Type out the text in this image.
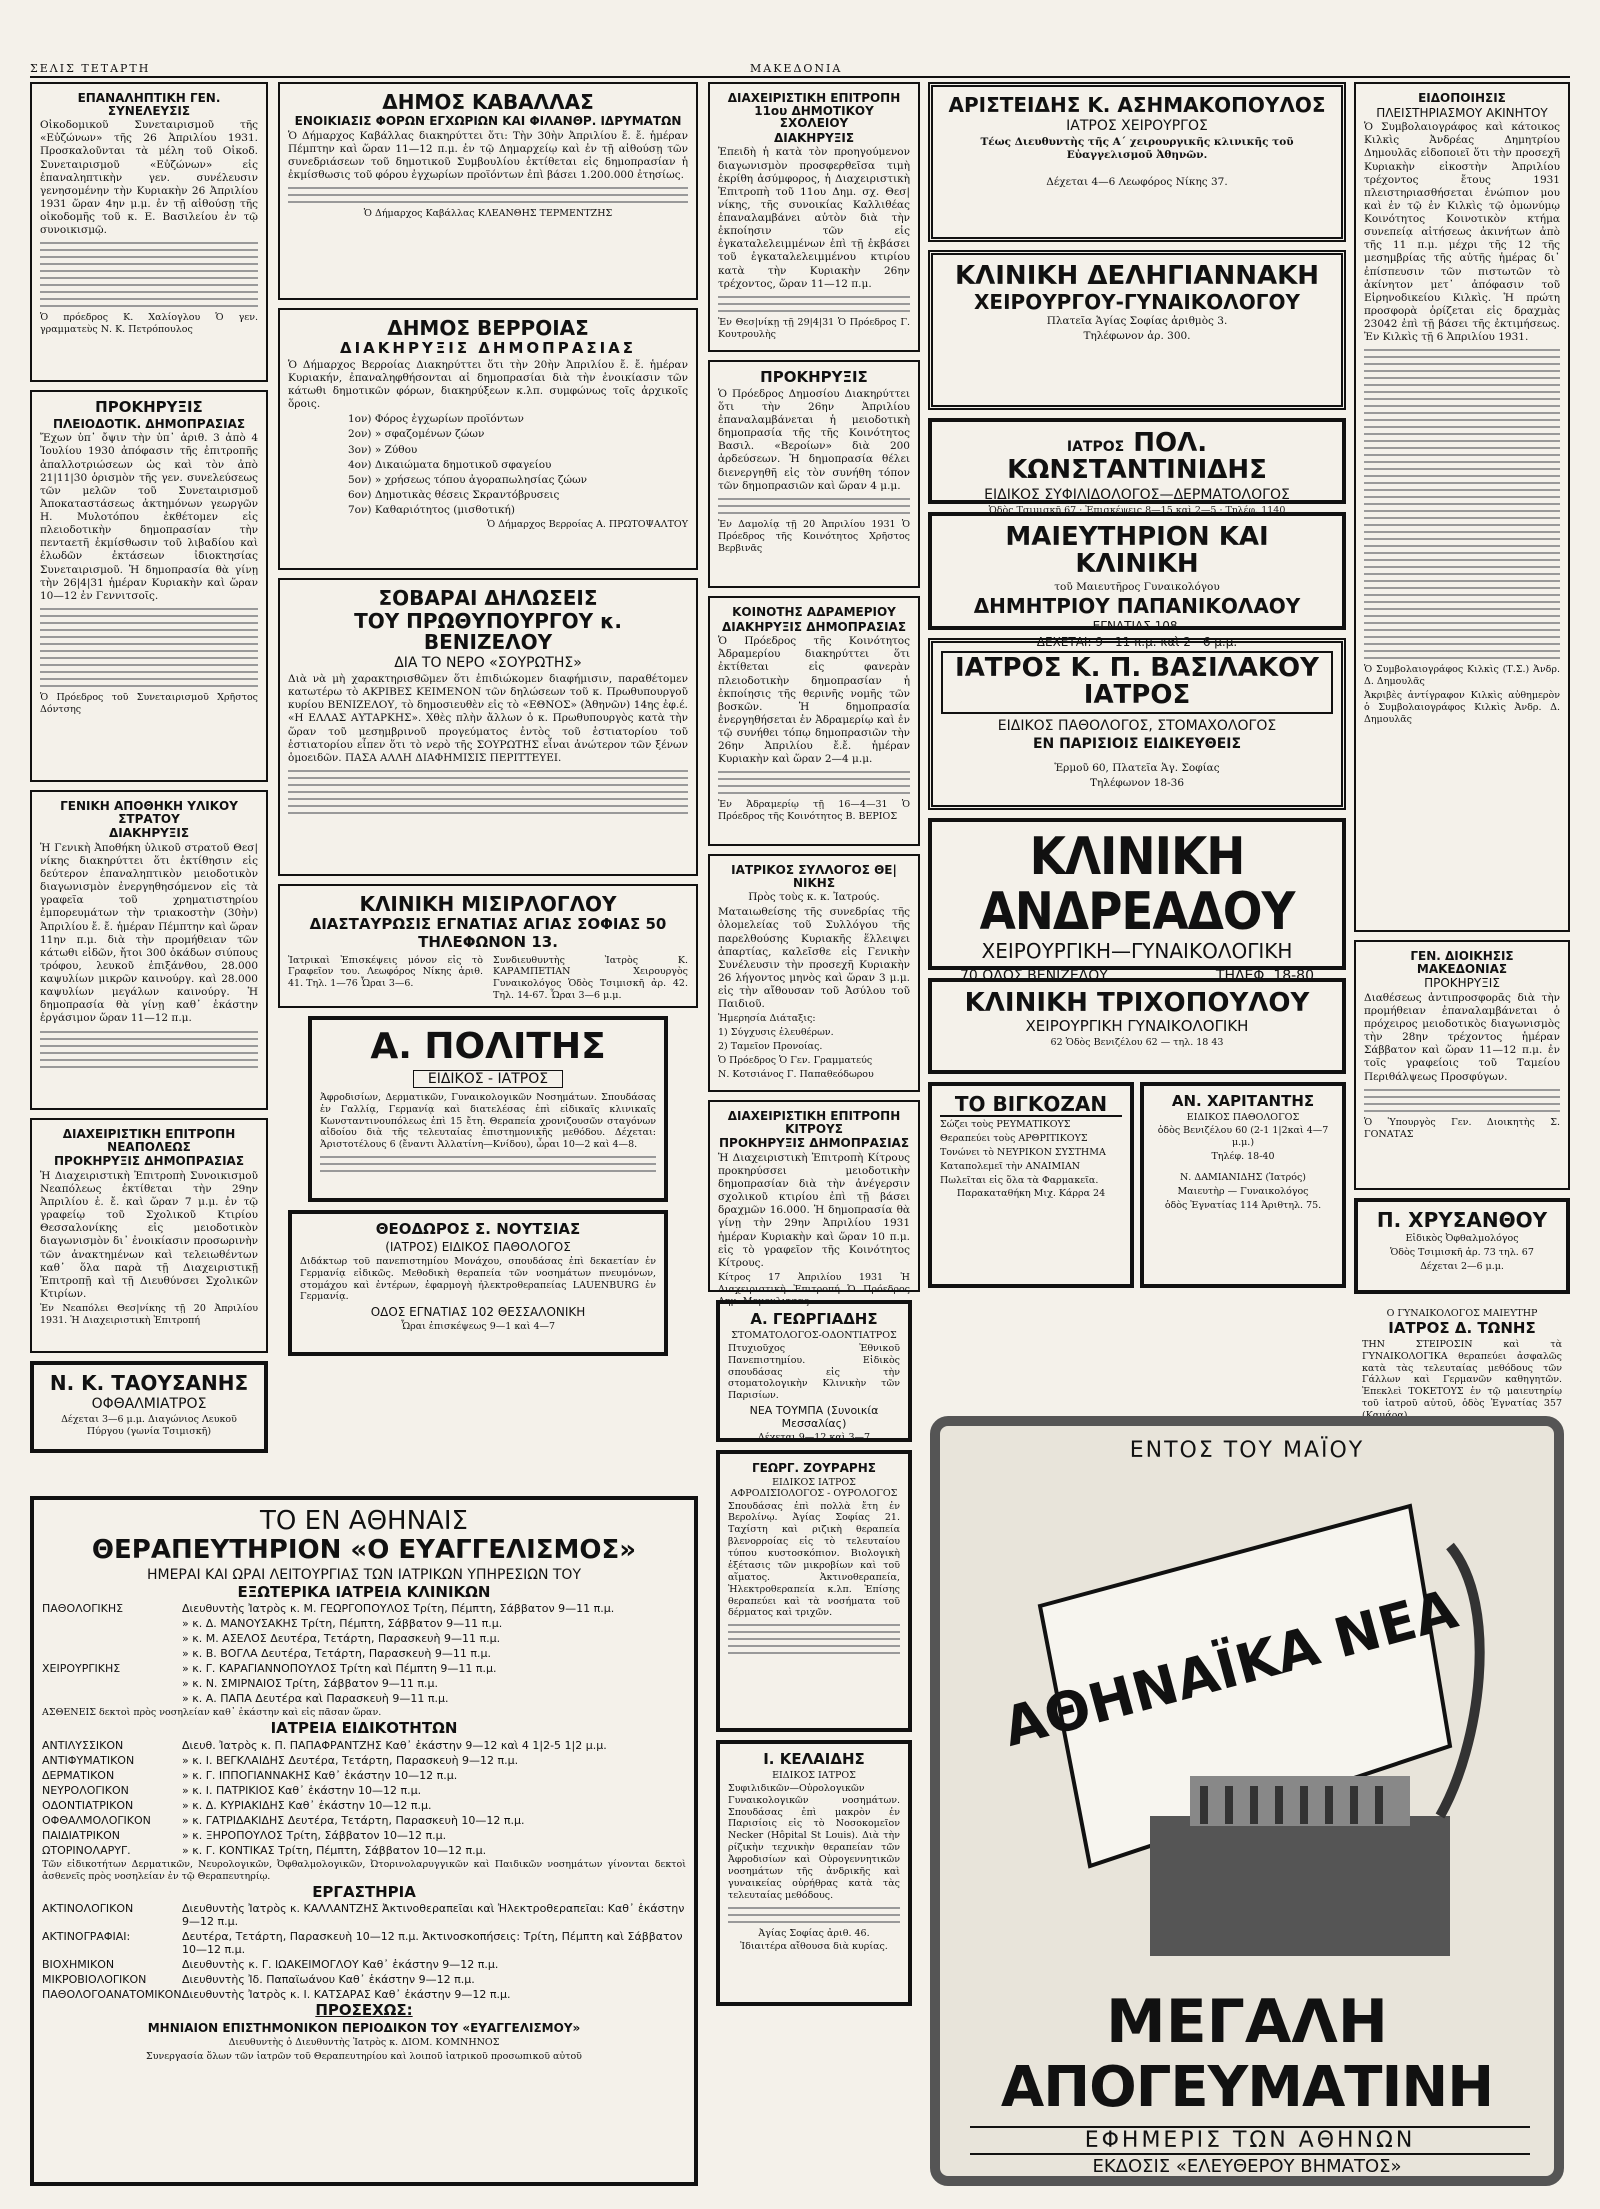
ΣΕΛΙΣ ΤΕΤΑΡΤΗ	ΜΑΚΕΔΟΝΙΑ
ΕΠΑΝΑΛΗΠΤΙΚΗ ΓΕΝ. ΣΥΝΕΛΕΥΣΙΣ

Οἰκοδομικοῦ Συνεταιρισμοῦ τῆς «Εὐζώνων» τῆς 26 Ἀπριλίου 1931. Προσκαλοῦνται τὰ μέλη τοῦ Οἰκοδ. Συνεταιρισμοῦ «Εὐζώνων» εἰς ἐπαναληπτικὴν γεν. συνέλευσιν γενησομένην τὴν Κυριακὴν 26 Ἀπριλίου 1931 ὥραν 4ην μ.μ. ἐν τῇ αἰθούσῃ τῆς οἰκοδομῆς τοῦ κ. Ε. Βασιλείου ἐν τῷ συνοικισμῷ.

Ὁ πρόεδρος Κ. Χαλίογλου Ὁ γεν. γραμματεὺς Ν. Κ. Πετρόπουλος

ΠΡΟΚΗΡΥΞΙΣ
ΠΛΕΙΟΔΟΤΙΚ. ΔΗΜΟΠΡΑΣΙΑΣ

Ἔχων ὑπ᾽ ὄψιν τὴν ὑπ᾽ ἀριθ. 3 ἀπὸ 4 Ἰουλίου 1930 ἀπόφασιν τῆς ἐπιτροπῆς ἀπαλλοτριώσεων ὡς καὶ τὸν ἀπὸ 21|11|30 ὁρισμὸν τῆς γεν. συνελεύσεως τῶν μελῶν τοῦ Συνεταιρισμοῦ Ἀποκαταστάσεως ἀκτημόνων γεωργῶν Η. Μυλοτόπου ἐκθέτομεν εἰς πλειοδοτικὴν δημοπρασίαν τὴν πενταετῆ ἐκμίσθωσιν τοῦ λιβαδίου καὶ ἐλωδῶν ἐκτάσεων ἰδιοκτησίας Συνεταιρισμοῦ. Ἡ δημοπρασία θὰ γίνῃ τὴν 26|4|31 ἡμέραν Κυριακὴν καὶ ὥραν 10—12 ἐν Γεννιτσοῖς.

Ὁ Πρόεδρος τοῦ Συνεταιρισμοῦ Χρῆστος Δόντσης

ΓΕΝΙΚΗ ΑΠΟΘΗΚΗ ΥΛΙΚΟΥ ΣΤΡΑΤΟΥ
ΔΙΑΚΗΡΥΞΙΣ

Ἡ Γενικὴ Ἀποθήκη ὑλικοῦ στρατοῦ Θεσ|νίκης διακηρύττει ὅτι ἐκτίθησιν εἰς δεύτερον ἐπαναληπτικὸν μειοδοτικὸν διαγωνισμὸν ἐνεργηθησόμενον εἰς τὰ γραφεῖα τοῦ χρηματιστηρίου ἐμπορευμάτων τὴν τριακοστὴν (30ὴν) Ἀπριλίου ἔ. ἔ. ἡμέραν Πέμπτην καὶ ὥραν 11ην π.μ. διὰ τὴν προμήθειαν τῶν κάτωθι εἰδῶν, ἤτοι 300 ὀκάδων σιύπους τρόφου, λευκοῦ ἐπιξάνθου, 28.000 καψυλίων μικρῶν καινούργ. καὶ 28.000 καψυλίων μεγάλων καινούργ. Ἡ δημοπρασία θὰ γίνῃ καθ᾽ ἑκάστην ἐργάσιμον ὥραν 11—12 π.μ.

ΔΙΑΧΕΙΡΙΣΤΙΚΗ ΕΠΙΤΡΟΠΗ ΝΕΑΠΟΛΕΩΣ
ΠΡΟΚΗΡΥΞΙΣ ΔΗΜΟΠΡΑΣΙΑΣ

Ἡ Διαχειριστικὴ Ἐπιτροπὴ Συνοικισμοῦ Νεαπόλεως ἐκτίθεται τὴν 29ην Ἀπριλίου ἐ. ἔ. καὶ ὥραν 7 μ.μ. ἐν τῷ γραφείῳ τοῦ Σχολικοῦ Κτιρίου Θεσσαλονίκης εἰς μειοδοτικὸν διαγωνισμὸν δι᾽ ἐνοικίασιν προσωρινὴν τῶν ἀνακτημένων καὶ τελειωθέντων καθ᾽ ὅλα παρὰ τῇ Διαχειριστικῇ Ἐπιτροπῇ καὶ τῇ Διευθύνσει Σχολικῶν Κτιρίων.

Ἐν Νεαπόλει Θεσ|νίκης τῇ 20 Ἀπριλίου 1931. Ἡ Διαχειριστικὴ Ἐπιτροπή

Ν. Κ. ΤΑΟΥΣΑΝΗΣ
ΟΦΘΑΛΜΙΑΤΡΟΣ

Δέχεται 3—6 μ.μ. Διαγώνιος Λευκοῦ Πύργου (γωνία Τσιμισκῆ)

ΔΗΜΟΣ ΚΑΒΑΛΛΑΣ
ΕΝΟΙΚΙΑΣΙΣ ΦΟΡΩΝ ΕΓΧΩΡΙΩΝ ΚΑΙ ΦΙΛΑΝΘΡ. ΙΔΡΥΜΑΤΩΝ

Ὁ Δήμαρχος Καβάλλας διακηρύττει ὅτι: Τὴν 30ὴν Ἀπριλίου ἔ. ἔ. ἡμέραν Πέμπτην καὶ ὥραν 11—12 π.μ. ἐν τῷ Δημαρχείῳ καὶ ἐν τῇ αἰθούσῃ τῶν συνεδριάσεων τοῦ δημοτικοῦ Συμβουλίου ἐκτίθεται εἰς δημοπρασίαν ἡ ἐκμίσθωσις τοῦ φόρου ἐγχωρίων προϊόντων ἐπὶ βάσει 1.200.000 ἐτησίως.

Ὁ Δήμαρχος Καβάλλας ΚΛΕΑΝΘΗΣ ΤΕΡΜΕΝΤΖΗΣ

ΔΗΜΟΣ ΒΕΡΡΟΙΑΣ
ΔΙΑΚΗΡΥΞΙΣ ΔΗΜΟΠΡΑΣΙΑΣ

Ὁ Δήμαρχος Βερροίας Διακηρύττει ὅτι τὴν 20ὴν Ἀπριλίου ἔ. ἔ. ἡμέραν Κυριακήν, ἐπαναληφθήσονται αἱ δημοπρασίαι διὰ τὴν ἐνοικίασιν τῶν κάτωθι δημοτικῶν φόρων, διακηρύξεων κ.λπ. συμφώνως τοῖς ἀρχικοῖς ὅροις.

1ον) Φόρος ἐγχωρίων προϊόντων

2ον) » σφαζομένων ζώων

3ον) » Ζύθου

4ον) Δικαιώματα δημοτικοῦ σφαγείου

5ον) » χρήσεως τόπου ἀγοραπωλησίας ζώων

6ον) Δημοτικὰς θέσεις Σκραντόβρυσεις

7ον) Καθαριότητος (μισθοτική)

Ὁ Δήμαρχος Βερροίας Α. ΠΡΩΤΟΨΑΛΤΟΥ

ΣΟΒΑΡΑΙ ΔΗΛΩΣΕΙΣ
ΤΟΥ ΠΡΩΘΥΠΟΥΡΓΟΥ κ. ΒΕΝΙΖΕΛΟΥ
ΔΙΑ ΤΟ ΝΕΡΟ «ΣΟΥΡΩΤΗΣ»

Διὰ νὰ μὴ χαρακτηρισθῶμεν ὅτι ἐπιδιώκομεν διαφήμισιν, παραθέτομεν κατωτέρω τὸ ΑΚΡΙΒΕΣ ΚΕΙΜΕΝΟΝ τῶν δηλώσεων τοῦ κ. Πρωθυπουργοῦ κυρίου ΒΕΝΙΖΕΛΟΥ, τὸ δημοσιευθὲν εἰς τὸ «ΕΘΝΟΣ» (Ἀθηνῶν) 14ης ἐφ.έ. «Η ΕΛΛΑΣ ΑΥΤΑΡΚΗΣ». Χθὲς πλὴν ἄλλων ὁ κ. Πρωθυπουργὸς κατὰ τὴν ὥραν τοῦ μεσημβρινοῦ προγεύματος ἐντὸς τοῦ ἑστιατορίου τοῦ ἑστιατορίου εἶπεν ὅτι τὸ νερὸ τῆς ΣΟΥΡΩΤΗΣ εἶναι ἀνώτερον τῶν ξένων ὁμοειδῶν. ΠΑΣΑ ΑΛΛΗ ΔΙΑΦΗΜΙΣΙΣ ΠΕΡΙΤΤΕΥΕΙ.

ΚΛΙΝΙΚΗ ΜΙΣΙΡΛΟΓΛΟΥ
ΔΙΑΣΤΑΥΡΩΣΙΣ ΕΓΝΑΤΙΑΣ ΑΓΙΑΣ ΣΟΦΙΑΣ 50
ΤΗΛΕΦΩΝΟΝ 13.

Ἰατρικαὶ Ἐπισκέψεις μόνον εἰς τὸ Γραφεῖον του. Λεωφόρος Νίκης ἀριθ. 41. Τηλ. 1—76 Ὧραι 3—6.

Συνδιευθυντὴς Ἰατρὸς Κ. ΚΑΡΑΜΠΕΤΙΑΝ Χειρουργὸς Γυναικολόγος Ὁδὸς Τσιμισκῆ ἀρ. 42. Τηλ. 14-67. Ὧραι 3—6 μ.μ.

Α. ΠΟΛΙΤΗΣ
ΕΙΔΙΚΟΣ - ΙΑΤΡΟΣ

Ἀφροδισίων, Δερματικῶν, Γυναικολογικῶν Νοσημάτων. Σπουδάσας ἐν Γαλλίᾳ, Γερμανίᾳ καὶ διατελέσας ἐπὶ εἰδικαῖς κλινικαῖς Κωνσταντινουπόλεως ἐπὶ 15 ἔτη. Θεραπεία χρονιζουσῶν σταγόνων αἰδοίου διὰ τῆς τελευταίας ἐπιστημονικῆς μεθόδου. Δέχεται: Ἀριστοτέλους 6 (ἔναντι Ἀλλατίνη—Κνίδου), ὧραι 10—2 καὶ 4—8.

ΘΕΟΔΩΡΟΣ Σ. ΝΟΥΤΣΙΑΣ
(ΙΑΤΡΟΣ) ΕΙΔΙΚΟΣ ΠΑΘΟΛΟΓΟΣ

Διδάκτωρ τοῦ πανεπιστημίου Μονάχου, σπουδάσας ἐπὶ δεκαετίαν ἐν Γερμανίᾳ εἰδικῶς. Μεθοδικὴ θεραπεία τῶν νοσημάτων πνευμόνων, στομάχου καὶ ἐντέρων, ἐφαρμογὴ ἠλεκτροθεραπείας LAUENBURG ἐν Γερμανίᾳ.

ΟΔΟΣ ΕΓΝΑΤΙΑΣ 102 ΘΕΣΣΑΛΟΝΙΚΗ

Ὧραι ἐπισκέψεως 9—1 καὶ 4—7

ΔΙΑΧΕΙΡΙΣΤΙΚΗ ΕΠΙΤΡΟΠΗ 11ου ΔΗΜΟΤΙΚΟΥ ΣΧΟΛΕΙΟΥ
ΔΙΑΚΗΡΥΞΙΣ

Ἐπειδὴ ἡ κατὰ τὸν προηγούμενον διαγωνισμὸν προσφερθεῖσα τιμὴ ἐκρίθη ἀσύμφορος, ἡ Διαχειριστικὴ Ἐπιτροπὴ τοῦ 11ου Δημ. σχ. Θεσ|νίκης, τῆς συνοικίας Καλλιθέας ἐπαναλαμβάνει αὐτὸν διὰ τὴν ἐκποίησιν τῶν εἰς ἐγκαταλελειμμένων ἐπὶ τῇ ἐκβάσει τοῦ ἐγκαταλελειμμένου κτιρίου κατὰ τὴν Κυριακὴν 26ην τρέχοντος, ὥραν 11—12 π.μ.

Ἐν Θεσ|νίκῃ τῇ 29|4|31 Ὁ Πρόεδρος Γ. Κουτρουλὴς

ΠΡΟΚΗΡΥΞΙΣ

Ὁ Πρόεδρος Δημοσίου Διακηρύττει ὅτι τὴν 26ην Ἀπριλίου ἐπαναλαμβάνεται ἡ μειοδοτικὴ δημοπρασία τῆς τῆς Κοινότητος Βασιλ. «Βεροίων» διὰ 200 ἀρδεύσεων. Ἡ δημοπρασία θέλει διενεργηθῆ εἰς τὸν συνήθη τόπον τῶν δημοπρασιῶν καὶ ὥραν 4 μ.μ.

Ἐν Δαμολίᾳ τῇ 20 Ἀπριλίου 1931 Ὁ Πρόεδρος τῆς Κοινότητος Χρῆστος Βερβινᾶς

ΚΟΙΝΟΤΗΣ ΑΔΡΑΜΕΡΙΟΥ
ΔΙΑΚΗΡΥΞΙΣ ΔΗΜΟΠΡΑΣΙΑΣ

Ὁ Πρόεδρος τῆς Κοινότητος Ἀδραμερίου διακηρύττει ὅτι ἐκτίθεται εἰς φανερὰν πλειοδοτικὴν δημοπρασίαν ἡ ἐκποίησις τῆς θερινῆς νομῆς τῶν βοσκῶν. Ἡ δημοπρασία ἐνεργηθήσεται ἐν Ἀδραμερίῳ καὶ ἐν τῷ συνήθει τόπῳ δημοπρασιῶν τὴν 26ην Ἀπριλίου ἔ.ἔ. ἡμέραν Κυριακὴν καὶ ὥραν 2—4 μ.μ.

Ἐν Ἀδραμερίῳ τῇ 16—4—31 Ὁ Πρόεδρος τῆς Κοινότητος Β. ΒΕΡΙΟΣ

ΙΑΤΡΙΚΟΣ ΣΥΛΛΟΓΟΣ ΘΕ|ΝΙΚΗΣ

Πρὸς τοὺς κ. κ. Ἰατρούς.

Ματαιωθείσης τῆς συνεδρίας τῆς ὁλομελείας τοῦ Συλλόγου τῆς παρελθούσης Κυριακῆς ἕλλειψει ἀπαρτίας, καλεῖσθε εἰς Γενικὴν Συνέλευσιν τὴν προσεχῆ Κυριακὴν 26 λήγοντος μηνὸς καὶ ὥραν 3 μ.μ. εἰς τὴν αἴθουσαν τοῦ Ἀσύλου τοῦ Παιδιοῦ.

Ἡμερησία Διάταξις:

1) Σύγχυσις ἐλευθέρων.

2) Ταμεῖον Προνοίας.

Ὁ Πρόεδρος Ὁ Γεν. Γραμματεύς

Ν. Κοτσιάνος Γ. Παπαθεόδωρου

ΔΙΑΧΕΙΡΙΣΤΙΚΗ ΕΠΙΤΡΟΠΗ ΚΙΤΡΟΥΣ
ΠΡΟΚΗΡΥΞΙΣ ΔΗΜΟΠΡΑΣΙΑΣ

Ἡ Διαχειριστικὴ Ἐπιτροπὴ Κίτρους προκηρύσσει μειοδοτικὴν δημοπρασίαν διὰ τὴν ἀνέγερσιν σχολικοῦ κτιρίου ἐπὶ τῇ βάσει δραχμῶν 16.000. Ἡ δημοπρασία θὰ γίνῃ τὴν 29ην Ἀπριλίου 1931 ἡμέραν Κυριακὴν καὶ ὥραν 10 π.μ. εἰς τὸ γραφεῖον τῆς Κοινότητος Κίτρους.

Κίτρος 17 Ἀπριλίου 1931 Ἡ Διαχειριστικὴ Ἐπιτροπή Ὁ Πρόεδρος Δημ. Μομουλιτσας

Α. ΓΕΩΡΓΙΑΔΗΣ
ΣΤΟΜΑΤΟΛΟΓΟΣ-ΟΔΟΝΤΙΑΤΡΟΣ

Πτυχιοῦχος Ἐθνικοῦ Πανεπιστημίου. Εἰδικὸς σπουδάσας εἰς τὴν στοματολογικὴν Κλινικὴν τῶν Παρισίων.

ΝΕΑ ΤΟΥΜΠΑ (Συνοικία Μεσσαλίας)

Δέχεται 9—12 καὶ 3—7

ΓΕΩΡΓ. ΖΟΥΡΑΡΗΣ
ΕΙΔΙΚΟΣ ΙΑΤΡΟΣ ΑΦΡΟΔΙΣΙΟΛΟΓΟΣ - ΟΥΡΟΛΟΓΟΣ

Σπουδάσας ἐπὶ πολλὰ ἔτη ἐν Βερολίνῳ. Ἀγίας Σοφίας 21. Ταχίστη καὶ ριζικὴ θεραπεία βλενορροίας εἰς τὸ τελευταίου τύπου κυστοσκόπιον. Βιολογικὴ ἐξέτασις τῶν μικροβίων καὶ τοῦ αἵματος. Ἀκτινοθεραπεία, Ἠλεκτροθεραπεία κ.λπ. Ἐπίσης θεραπεύει καὶ τὰ νοσήματα τοῦ δέρματος καὶ τριχῶν.

Ι. ΚΕΛΑΙΔΗΣ
ΕΙΔΙΚΟΣ ΙΑΤΡΟΣ

Συφιλιδικῶν—Οὐρολογικῶν Γυναικολογικῶν νοσημάτων. Σπουδάσας ἐπὶ μακρὸν ἐν Παρισίοις εἰς τὸ Νοσοκομεῖον Necker (Hôpital St Louis). Διὰ τὴν ρίζικὴν τεχνικὴν θεραπείαν τῶν Ἀφροδισίων καὶ Οὐρογεννητικῶν νοσημάτων τῆς ἀνδρικῆς καὶ γυναικείας οὐρήθρας κατὰ τὰς τελευταίας μεθόδους.

Ἀγίας Σοφίας ἀριθ. 46.

Ἰδιαιτέρα αἴθουσα διὰ κυρίας.

ΑΡΙΣΤΕΙΔΗΣ Κ. ΑΣΗΜΑΚΟΠΟΥΛΟΣ
ΙΑΤΡΟΣ ΧΕΙΡΟΥΡΓΟΣ

Τέως Διευθυντὴς τῆς Α΄ χειρουργικῆς κλινικῆς τοῦ Εὐαγγελισμοῦ Ἀθηνῶν.

Δέχεται 4—6 Λεωφόρος Νίκης 37.

ΚΛΙΝΙΚΗ ΔΕΛΗΓΙΑΝΝΑΚΗ
ΧΕΙΡΟΥΡΓΟΥ-ΓΥΝΑΙΚΟΛΟΓΟΥ

Πλατεῖα Ἁγίας Σοφίας ἀριθμὸς 3.

Τηλέφωνον ἀρ. 300.

ΙΑΤΡΟΣ ΠΟΛ. ΚΩΝΣΤΑΝΤΙΝΙΔΗΣ
ΕΙΔΙΚΟΣ ΣΥΦΙΛΙΔΟΛΟΓΟΣ—ΔΕΡΜΑΤΟΛΟΓΟΣ

Ὁδὸς Τσιμισκῆ 67 · Ἐπισκέψεις 8—15 καὶ 2—5 · Τηλέφ. 1140

ΜΑΙΕΥΤΗΡΙΟΝ ΚΑΙ ΚΛΙΝΙΚΗ

τοῦ Μαιευτῆρος Γυναικολόγου

ΔΗΜΗΤΡΙΟΥ ΠΑΠΑΝΙΚΟΛΑΟΥ
ΕΓΝΑΤΙΑΣ 108.
ΔΕΧΕΤΑΙ: 9—11 π.μ. καὶ 2—6 μ.μ.
ΙΑΤΡΟΣ Κ. Π. ΒΑΣΙΛΑΚΟΥ ΙΑΤΡΟΣ
ΕΙΔΙΚΟΣ ΠΑΘΟΛΟΓΟΣ, ΣΤΟΜΑΧΟΛΟΓΟΣ
ΕΝ ΠΑΡΙΣΙΟΙΣ ΕΙΔΙΚΕΥΘΕΙΣ

Ἑρμοῦ 60, Πλατεῖα Ἁγ. Σοφίας

Τηλέφωνον 18-36

ΚΛΙΝΙΚΗ ΑΝΔΡΕΑΔΟΥ
ΧΕΙΡΟΥΡΓΙΚΗ—ΓΥΝΑΙΚΟΛΟΓΙΚΗ
70 ΟΔΟΣ ΒΕΝΙΖΕΛΟΥ	ΤΗΛΕΦ. 18-80
ΚΛΙΝΙΚΗ ΤΡΙΧΟΠΟΥΛΟΥ
ΧΕΙΡΟΥΡΓΙΚΗ ΓΥΝΑΙΚΟΛΟΓΙΚΗ

62 Ὁδὸς Βενιζέλου 62 — τηλ. 18 43

ΤΟ ΒΙΓΚΟΖΑΝ

Σώζει τοὺς ΡΕΥΜΑΤΙΚΟΥΣ

Θεραπεύει τοὺς ΑΡΘΡΙΤΙΚΟΥΣ

Τονώνει τὸ ΝΕΥΡΙΚΟΝ ΣΥΣΤΗΜΑ

Καταπολεμεῖ τὴν ΑΝΑΙΜΙΑΝ

Πωλεῖται εἰς ὅλα τὰ Φαρμακεῖα.

Παρακαταθήκη Μιχ. Κάρρα 24

ΑΝ. ΧΑΡΙΤΑΝΤΗΣ
ΕΙΔΙΚΟΣ ΠΑΘΟΛΟΓΟΣ

ὁδὸς Βενιζέλου 60 (2-1 1|2καὶ 4—7 μ.μ.)

Τηλέφ. 18-40

Ν. ΔΑΜΙΑΝΙΔΗΣ (Ἰατρός)

Μαιευτὴρ — Γυναικολόγος

ὁδὸς Ἐγνατίας 114 Ἀριθτηλ. 75.

ΕΙΔΟΠΟΙΗΣΙΣ
ΠΛΕΙΣΤΗΡΙΑΣΜΟΥ ΑΚΙΝΗΤΟΥ

Ὁ Συμβολαιογράφος καὶ κάτοικος Κιλκὶς Ἀνδρέας Δημητρίου Δημουλᾶς εἰδοποιεῖ ὅτι τὴν προσεχῆ Κυριακὴν εἰκοστὴν Ἀπριλίου τρέχοντος ἔτους 1931 πλειστηριασθήσεται ἐνώπιον μου καὶ ἐν τῷ ἐν Κιλκὶς τῷ ὁμωνύμῳ Κοινότητος Κοινοτικὸν κτήμα συνεπείᾳ αἰτήσεως ἀκινήτων ἀπὸ τῆς 11 π.μ. μέχρι τῆς 12 τῆς μεσημβρίας τῆς αὐτῆς ἡμέρας δι᾽ ἐπίσπευσιν τῶν πιστωτῶν τὸ ἀκίνητον μετ᾽ ἀπόφασιν τοῦ Εἰρηνοδικείου Κιλκὶς. Ἡ πρώτη προσφορὰ ὁρίζεται εἰς δραχμὰς 23042 ἐπὶ τῇ βάσει τῆς ἐκτιμήσεως. Ἐν Κιλκὶς τῇ 6 Ἀπριλίου 1931.

Ὁ Συμβολαιογράφος Κιλκὶς (Τ.Σ.) Ἀνδρ. Δ. Δημουλᾶς

Ἀκριβὲς ἀντίγραφον Κιλκὶς αὐθημερὸν ὁ Συμβολαιογράφος Κιλκὶς Ἀνδρ. Δ. Δημουλᾶς

ΓΕΝ. ΔΙΟΙΚΗΣΙΣ ΜΑΚΕΔΟΝΙΑΣ
ΠΡΟΚΗΡΥΞΙΣ

Διαθέσεως ἀντιπροσφορᾶς διὰ τὴν προμήθειαν ἐπαναλαμβάνεται ὁ πρόχειρος μειοδοτικὸς διαγωνισμὸς τὴν 28ην τρέχοντος ἡμέραν Σάββατον καὶ ὥραν 11—12 π.μ. ἐν τοῖς γραφείοις τοῦ Ταμείου Περιθάλψεως Προσφύγων.

Ὁ Ὑπουργὸς Γεν. Διοικητὴς Σ. ΓΟΝΑΤΑΣ

Π. ΧΡΥΣΑΝΘΟΥ

Εἰδικὸς Ὀφθαλμολόγος

Ὁδὸς Τσιμισκῆ ἀρ. 73 τηλ. 67

Δέχεται 2—6 μ.μ.

Ο ΓΥΝΑΙΚΟΛΟΓΟΣ ΜΑΙΕΥΤΗΡ
ΙΑΤΡΟΣ Δ. ΤΩΝΗΣ

ΤΗΝ ΣΤΕΙΡΟΣΙΝ καὶ τὰ ΓΥΝΑΙΚΟΛΟΓΙΚΑ θεραπεύει ἀσφαλῶς κατὰ τὰς τελευταίας μεθόδους τῶν Γάλλων καὶ Γερμανῶν καθηγητῶν. Ἐπεκλεὶ ΤΟΚΕΤΟΥΣ ἐν τῷ μαιευτηρίῳ τοῦ ἰατροῦ αὐτοῦ, ὁδὸς Ἐγνατίας 357

ΤΟ ΕΝ ΑΘΗΝΑΙΣ
ΘΕΡΑΠΕΥΤΗΡΙΟΝ «Ο ΕΥΑΓΓΕΛΙΣΜΟΣ»
ΗΜΕΡΑΙ ΚΑΙ ΩΡΑΙ ΛΕΙΤΟΥΡΓΙΑΣ ΤΩΝ ΙΑΤΡΙΚΩΝ ΥΠΗΡΕΣΙΩΝ ΤΟΥ
ΕΞΩΤΕΡΙΚΑ ΙΑΤΡΕΙΑ ΚΛΙΝΙΚΩΝ
ΠΑΘΟΛΟΓΙΚΗΣ	Διευθυντὴς Ἰατρὸς κ. Μ. ΓΕΩΡΓΟΠΟΥΛΟΣ Τρίτη, Πέμπτη, Σάββατον 9—11 π.μ.
» κ. Δ. ΜΑΝΟΥΣΑΚΗΣ Τρίτη, Πέμπτη, Σάββατον 9—11 π.μ.
» κ. Μ. ΑΣΕΛΟΣ Δευτέρα, Τετάρτη, Παρασκευὴ 9—11 π.μ.
» κ. Β. ΒΟΓΛΑ Δευτέρα, Τετάρτη, Παρασκευὴ 9—11 π.μ.
ΧΕΙΡΟΥΡΓΙΚΗΣ	» κ. Γ. ΚΑΡΑΓΙΑΝΝΟΠΟΥΛΟΣ Τρίτη καὶ Πέμπτη 9—11 π.μ.
» κ. Ν. ΣΜΙΡΝΑΙΟΣ Τρίτη, Σάββατον 9—11 π.μ.
» κ. Α. ΠΑΠΑ Δευτέρα καὶ Παρασκευὴ 9—11 π.μ.

ΑΣΘΕΝΕΙΣ δεκτοὶ πρὸς νοσηλείαν καθ᾽ ἑκάστην καὶ εἰς πᾶσαν ὥραν.

ΙΑΤΡΕΙΑ ΕΙΔΙΚΟΤΗΤΩΝ
ΑΝΤΙΛΥΣΣΙΚΟΝ	Διευθ. Ἰατρὸς κ. Π. ΠΑΠΑΦΡΑΝΤΖΗΣ Καθ᾽ ἑκάστην 9—12 καὶ 4 1|2-5 1|2 μ.μ.
ΑΝΤΙΦΥΜΑΤΙΚΟΝ	» κ. Ι. ΒΕΓΚΛΑΙΔΗΣ Δευτέρα, Τετάρτη, Παρασκευὴ 9—12 π.μ.
ΔΕΡΜΑΤΙΚΟΝ	» κ. Γ. ΙΠΠΟΓΙΑΝΝΑΚΗΣ Καθ᾽ ἑκάστην 10—12 π.μ.
ΝΕΥΡΟΛΟΓΙΚΟΝ	» κ. Ι. ΠΑΤΡΙΚΙΟΣ Καθ᾽ ἑκάστην 10—12 π.μ.
ΟΔΟΝΤΙΑΤΡΙΚΟΝ	» κ. Δ. ΚΥΡΙΑΚΙΔΗΣ Καθ᾽ ἑκάστην 10—12 π.μ.
ΟΦΘΑΛΜΟΛΟΓΙΚΟΝ	» κ. ΓΑΤΡΙΔΑΚΙΔΗΣ Δευτέρα, Τετάρτη, Παρασκευὴ 10—12 π.μ.
ΠΑΙΔΙΑΤΡΙΚΟΝ	» κ. ΞΗΡΟΠΟΥΛΟΣ Τρίτη, Σάββατον 10—12 π.μ.
ΩΤΟΡΙΝΟΛΑΡΥΓ.	» κ. Γ. ΚΟΝΤΙΚΑΣ Τρίτη, Πέμπτη, Σάββατον 10—12 π.μ.

Τῶν εἰδικοτήτων Δερματικῶν, Νευρολογικῶν, Ὀφθαλμολογικῶν, Ὠτορινολαρυγγικῶν καὶ Παιδικῶν νοσημάτων γίνονται δεκτοὶ ἀσθενεῖς πρὸς νοσηλείαν ἐν τῷ Θεραπευτηρίῳ.

ΕΡΓΑΣΤΗΡΙΑ
ΑΚΤΙΝΟΛΟΓΙΚΟΝ	Διευθυντὴς Ἰατρὸς κ. ΚΑΛΛΑΝΤΖΗΣ Ἀκτινοθεραπεῖαι καὶ Ἠλεκτροθεραπεῖαι: Καθ᾽ ἑκάστην 9—12 π.μ.
ΑΚΤΙΝΟΓΡΑΦΙΑΙ:	Δευτέρα, Τετάρτη, Παρασκευὴ 10—12 π.μ. Ἀκτινοσκοπήσεις: Τρίτη, Πέμπτη καὶ Σάββατον 10—12 π.μ.
ΒΙΟΧΗΜΙΚΟΝ	Διευθυντὴς κ. Γ. ΙΩΑΚΕΙΜΟΓΛΟΥ Καθ᾽ ἑκάστην 9—12 π.μ.
ΜΙΚΡΟΒΙΟΛΟΓΙΚΟΝ	Διευθυντὴς Ἰδ. Παπαϊωάνου Καθ᾽ ἑκάστην 9—12 π.μ.
ΠΑΘΟΛΟΓΟΑΝΑΤΟΜΙΚΟΝ Διευθυντὴς Ἰατρὸς κ. Ι. ΚΑΤΣΑΡΑΣ Καθ᾽ ἑκάστην 9—12 π.μ.
ΠΡΟΣΕΧΩΣ:
ΜΗΝΙΑΙΟΝ ΕΠΙΣΤΗΜΟΝΙΚΟΝ ΠΕΡΙΟΔΙΚΟΝ ΤΟΥ «ΕΥΑΓΓΕΛΙΣΜΟΥ»

Διευθυντὴς ὁ Διευθυντὴς Ἰατρὸς κ. ΔΙΟΜ. ΚΟΜΝΗΝΟΣ

Συνεργασία ὅλων τῶν ἰατρῶν τοῦ Θεραπευτηρίου καὶ λοιποῦ ἰατρικοῦ προσωπικοῦ αὐτοῦ

ΕΝΤΟΣ ΤΟΥ ΜΑΪΟΥ
ΑΘΗΝΑΪΚΑ ΝΕΑ
ΜΕΓΑΛΗ
ΑΠΟΓΕΥΜΑΤΙΝΗ
ΕΦΗΜΕΡΙΣ ΤΩΝ ΑΘΗΝΩΝ
ΕΚΔΟΣΙΣ «ΕΛΕΥΘΕΡΟΥ ΒΗΜΑΤΟΣ»
